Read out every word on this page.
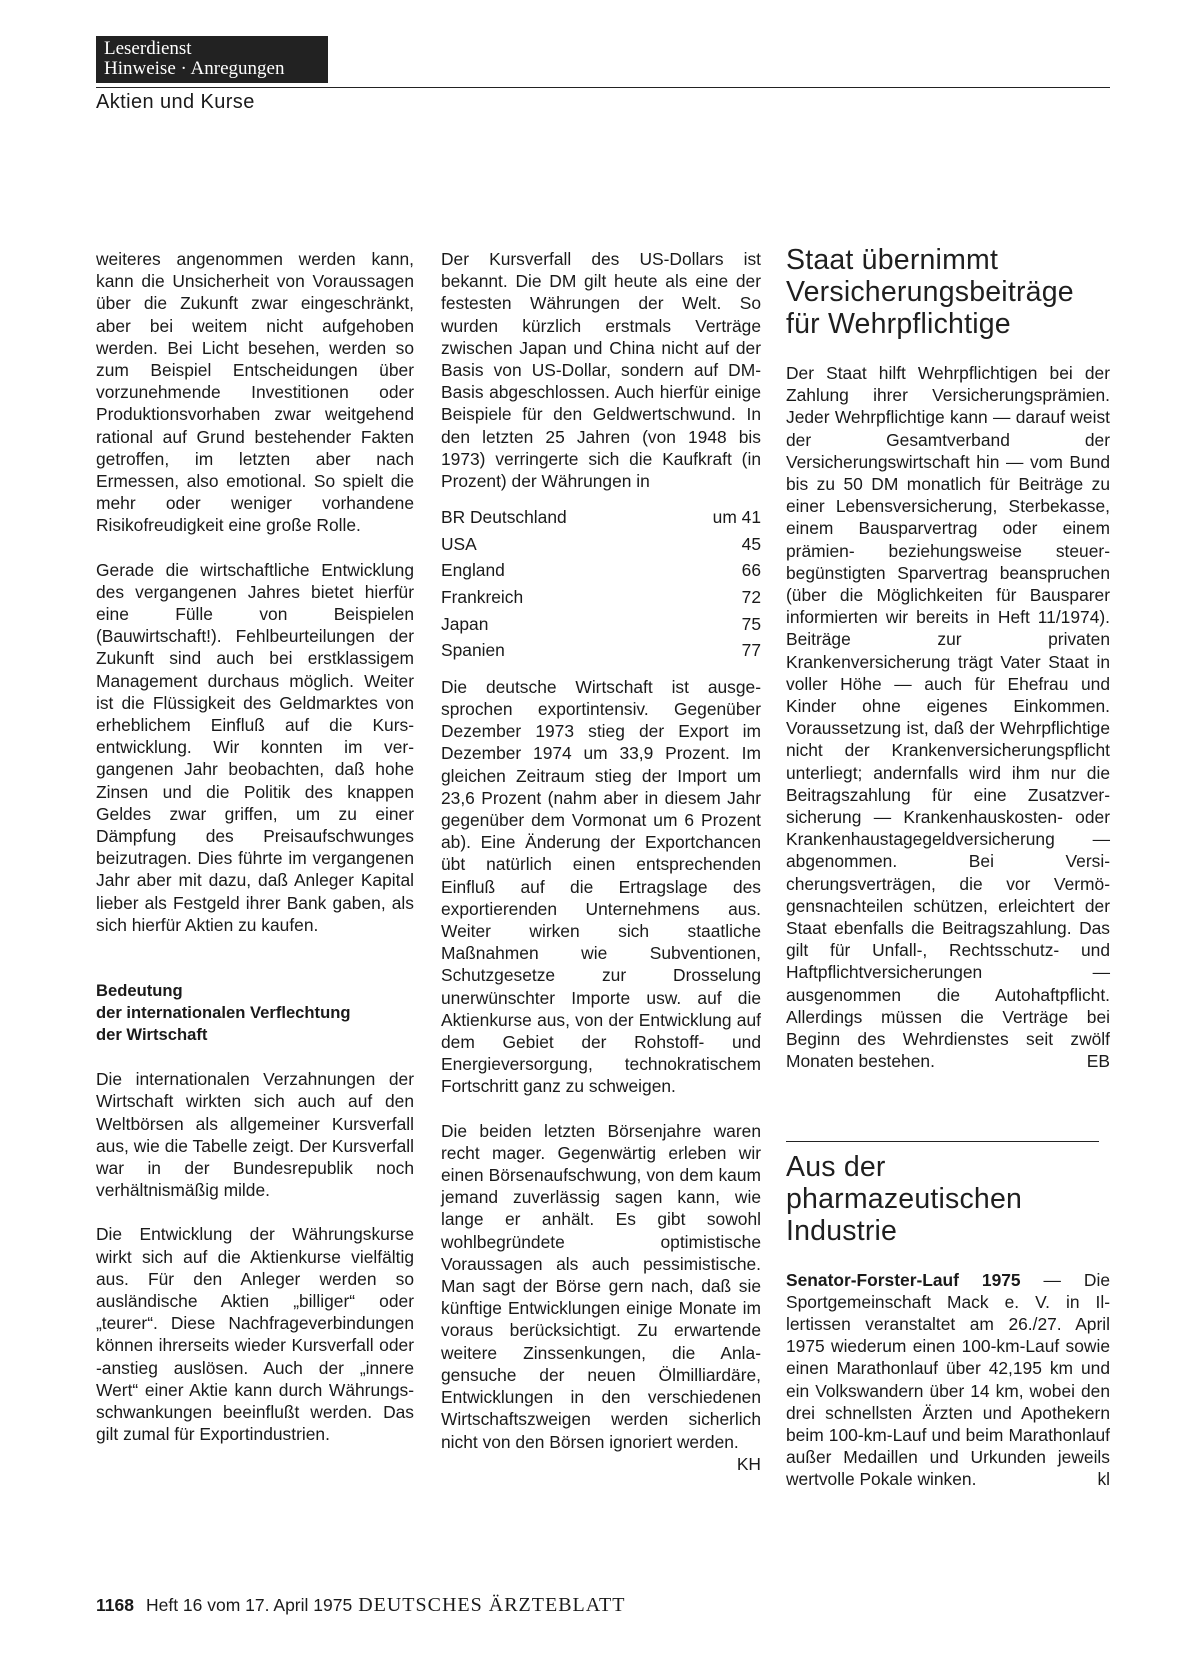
Leserdienst
Hinweise · Anregungen
Aktien und Kurse

weiteres angenommen werden kann, kann die Unsicherheit von Voraussagen über die Zukunft zwar eingeschränkt, aber bei weitem nicht aufgehoben werden. Bei Licht besehen, werden so zum Beispiel Entscheidungen über vorzunehmende Investitionen oder Produktionsvorhaben zwar weitgehend rational auf Grund bestehender Fakten getroffen, im letzten aber nach Ermessen, also emotional. So spielt die mehr oder weniger vorhandene Risikofreudigkeit eine große Rolle.

Gerade die wirtschaftliche Entwicklung des vergangenen Jahres bietet hierfür eine Fülle von Beispielen (Bauwirtschaft!). Fehlbeurteilungen der Zukunft sind auch bei erstklassigem Management durchaus möglich. Weiter ist die Flüssigkeit des Geldmarktes von erheblichem Einfluß auf die Kursentwicklung. Wir konnten im vergangenen Jahr beobachten, daß hohe Zinsen und die Politik des knappen Geldes zwar griffen, um zu einer Dämpfung des Preisaufschwunges beizutragen. Dies führte im vergangenen Jahr aber mit dazu, daß Anleger Kapital lieber als Festgeld ihrer Bank gaben, als sich hierfür Aktien zu kaufen.

Bedeutung
der internationalen Verflechtung
der Wirtschaft

Die internationalen Verzahnungen der Wirtschaft wirkten sich auch auf den Weltbörsen als allgemeiner Kursverfall aus, wie die Tabelle zeigt. Der Kursverfall war in der Bundesrepublik noch verhältnismäßig milde.

Die Entwicklung der Währungskurse wirkt sich auf die Aktienkurse vielfältig aus. Für den Anleger werden so ausländische Aktien „billiger“ oder „teurer“. Diese Nachfrageverbindungen können ihrerseits wieder Kursverfall oder -anstieg auslösen. Auch der „innere Wert“ einer Aktie kann durch Währungsschwankungen beeinflußt werden. Das gilt zumal für Exportindustrien.

Der Kursverfall des US-Dollars ist bekannt. Die DM gilt heute als eine der festesten Währungen der Welt. So wurden kürzlich erstmals Verträge zwischen Japan und China nicht auf der Basis von US-Dollar, sondern auf DM-Basis abgeschlossen. Auch hierfür einige Beispiele für den Geldwertschwund. In den letzten 25 Jahren (von 1948 bis 1973) verringerte sich die Kaufkraft (in Prozent) der Währungen in

BR Deutschland	um 41
USA	45
England	66
Frankreich	72
Japan	75
Spanien	77

Die deutsche Wirtschaft ist ausgesprochen exportintensiv. Gegenüber Dezember 1973 stieg der Export im Dezember 1974 um 33,9 Prozent. Im gleichen Zeitraum stieg der Import um 23,6 Prozent (nahm aber in diesem Jahr gegenüber dem Vormonat um 6 Prozent ab). Eine Änderung der Exportchancen übt natürlich einen entsprechenden Einfluß auf die Ertragslage des exportierenden Unternehmens aus. Weiter wirken sich staatliche Maßnahmen wie Subventionen, Schutzgesetze zur Drosselung unerwünschter Importe usw. auf die Aktienkurse aus, von der Entwicklung auf dem Gebiet der Rohstoff- und Energieversorgung, technokratischem Fortschritt ganz zu schweigen.

Die beiden letzten Börsenjahre waren recht mager. Gegenwärtig erleben wir einen Börsenaufschwung, von dem kaum jemand zuverlässig sagen kann, wie lange er anhält. Es gibt sowohl wohlbegründete optimistische Voraussagen als auch pessimistische. Man sagt der Börse gern nach, daß sie künftige Entwicklungen einige Monate im voraus berücksichtigt. Zu erwartende weitere Zinssenkungen, die Anlagensuche der neuen Ölmilliardäre, Entwicklungen in den verschiedenen Wirtschaftszweigen werden sicherlich nicht von den Börsen ignoriert werden.
KH

Staat übernimmt
Versicherungsbeiträge
für Wehrpflichtige

Der Staat hilft Wehrpflichtigen bei der Zahlung ihrer Versicherungsprämien. Jeder Wehrpflichtige kann — darauf weist der Gesamtverband der Versicherungswirtschaft hin — vom Bund bis zu 50 DM monatlich für Beiträge zu einer Lebensversicherung, Sterbekasse, einem Bausparvertrag oder einem prämien- beziehungsweise steuerbegünstigten Sparvertrag beanspruchen (über die Möglichkeiten für Bausparer informierten wir bereits in Heft 11/1974). Beiträge zur privaten Krankenversicherung trägt Vater Staat in voller Höhe — auch für Ehefrau und Kinder ohne eigenes Einkommen. Voraussetzung ist, daß der Wehrpflichtige nicht der Krankenversicherungspflicht unterliegt; andernfalls wird ihm nur die Beitragszahlung für eine Zusatzversicherung — Krankenhauskosten- oder Krankenhaustagegeldversicherung — abgenommen. Bei Versicherungsverträgen, die vor Vermögensnachteilen schützen, erleichtert der Staat ebenfalls die Beitragszahlung. Das gilt für Unfall-, Rechtsschutz- und Haftpflichtversicherungen — ausgenommen die Autohaftpflicht. Allerdings müssen die Verträge bei Beginn des Wehrdienstes seit zwölf Monaten bestehen.	EB

Aus der
pharmazeutischen
Industrie

Senator-Forster-Lauf 1975 — Die Sportgemeinschaft Mack e. V. in Illertissen veranstaltet am 26./27. April 1975 wiederum einen 100-km-Lauf sowie einen Marathonlauf über 42,195 km und ein Volkswandern über 14 km, wobei den drei schnellsten Ärzten und Apothekern beim 100-km-Lauf und beim Marathonlauf außer Medaillen und Urkunden jeweils wertvolle Pokale winken.	kl

1168 Heft 16 vom 17. April 1975 DEUTSCHES ÄRZTEBLATT
